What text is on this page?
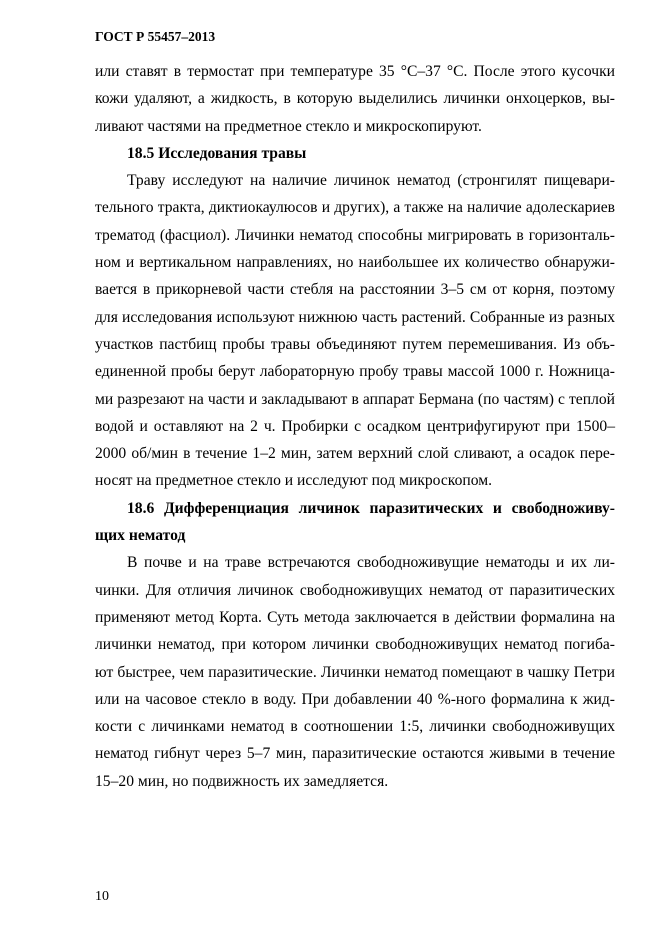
ГОСТ Р 55457–2013
или ставят в термостат при температуре 35 °С–37 °С. После этого кусочки
кожи удаляют, а жидкость, в которую выделились личинки онхоцерков, вы-
ливают частями на предметное стекло и микроскопируют.
18.5 Исследования травы
Траву исследуют на наличие личинок нематод (стронгилят пищевари-
тельного тракта, диктиокаулюсов и других), а также на наличие адолескариев
трематод (фасциол). Личинки нематод способны мигрировать в горизонталь-
ном и вертикальном направлениях, но наибольшее их количество обнаружи-
вается в прикорневой части стебля на расстоянии 3–5 см от корня, поэтому
для исследования используют нижнюю часть растений. Собранные из разных
участков пастбищ пробы травы объединяют путем перемешивания. Из объ-
единенной пробы берут лабораторную пробу травы массой 1000 г. Ножница-
ми разрезают на части и закладывают в аппарат Бермана (по частям) с теплой
водой и оставляют на 2 ч. Пробирки с осадком центрифугируют при 1500–
2000 об/мин в течение 1–2 мин, затем верхний слой сливают, а осадок пере-
носят на предметное стекло и исследуют под микроскопом.
18.6 Дифференциация личинок паразитических и свободноживу-
щих нематод
В почве и на траве встречаются свободноживущие нематоды и их ли-
чинки. Для отличия личинок свободноживущих нематод от паразитических
применяют метод Корта. Суть метода заключается в действии формалина на
личинки нематод, при котором личинки свободноживущих нематод погиба-
ют быстрее, чем паразитические. Личинки нематод помещают в чашку Петри
или на часовое стекло в воду. При добавлении 40 %-ного формалина к жид-
кости с личинками нематод в соотношении 1:5, личинки свободноживущих
нематод гибнут через 5–7 мин, паразитические остаются живыми в течение
15–20 мин, но подвижность их замедляется.
10
